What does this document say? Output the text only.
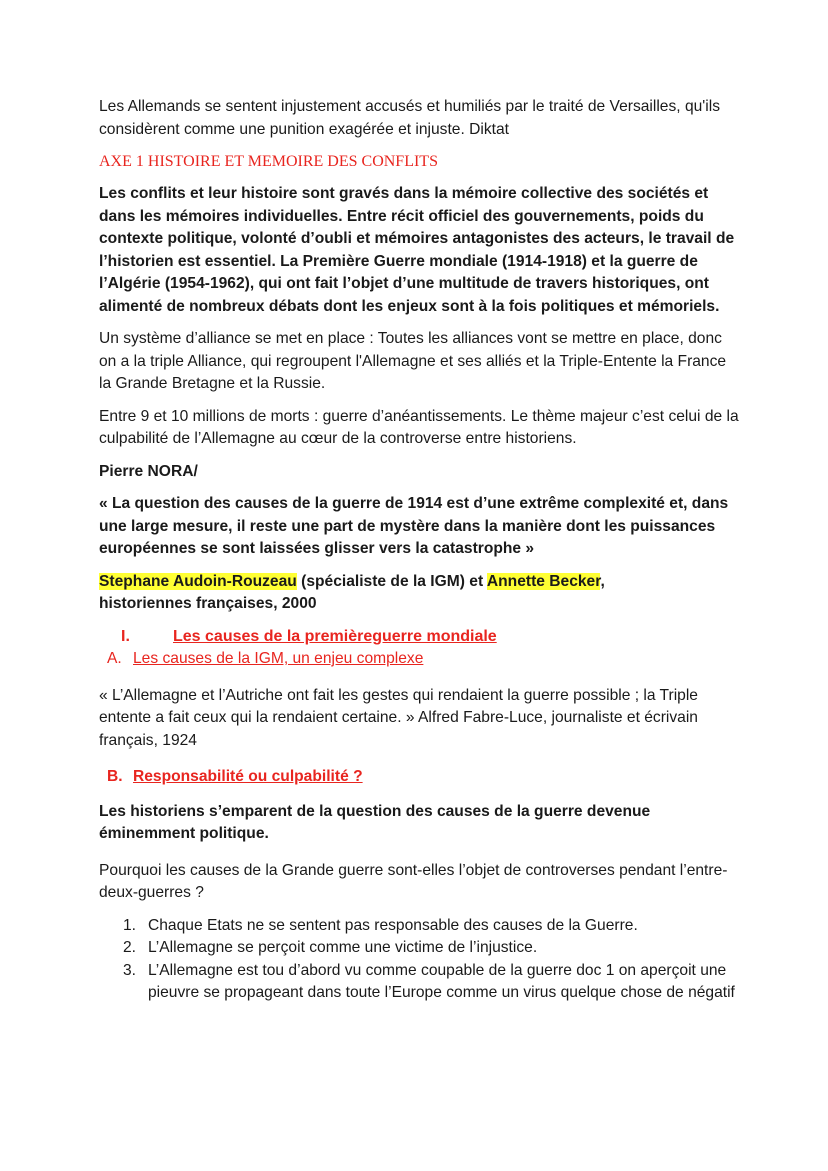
Les Allemands se sentent injustement accusés et humiliés par le traité de Versailles, qu'ils considèrent comme une punition exagérée et injuste. Diktat

AXE 1 HISTOIRE ET MEMOIRE DES CONFLITS

Les conflits et leur histoire sont gravés dans la mémoire collective des sociétés et dans les mémoires individuelles. Entre récit officiel des gouvernements, poids du contexte politique, volonté d’oubli et mémoires antagonistes des acteurs, le travail de l’historien est essentiel. La Première Guerre mondiale (1914-1918) et la guerre de l’Algérie (1954-1962), qui ont fait l’objet d’une multitude de travers historiques, ont alimenté de nombreux débats dont les enjeux sont à la fois politiques et mémoriels.

Un système d’alliance se met en place : Toutes les alliances vont se mettre en place, donc on a la triple Alliance, qui regroupent l'Allemagne et ses alliés et la Triple-Entente la France la Grande Bretagne et la Russie.

Entre 9 et 10 millions de morts : guerre d’anéantissements. Le thème majeur c’est celui de la culpabilité de l’Allemagne au cœur de la controverse entre historiens.

Pierre NORA/

« La question des causes de la guerre de 1914 est d’une extrême complexité et, dans une large mesure, il reste une part de mystère dans la manière dont les puissances européennes se sont laissées glisser vers la catastrophe »

Stephane Audoin-Rouzeau (spécialiste de la IGM) et Annette Becker,
historiennes françaises, 2000

I.	Les causes de la premièreguerre mondiale
A. Les causes de la IGM, un enjeu complexe

« L’Allemagne et l’Autriche ont fait les gestes qui rendaient la guerre possible ; la Triple entente a fait ceux qui la rendaient certaine. » Alfred Fabre-Luce, journaliste et écrivain français, 1924

B. Responsabilité ou culpabilité ?

Les historiens s’emparent de la question des causes de la guerre devenue éminemment politique.

Pourquoi les causes de la Grande guerre sont-elles l’objet de controverses pendant l’entre-deux-guerres ?

1. Chaque Etats ne se sentent pas responsable des causes de la Guerre.
2. L’Allemagne se perçoit comme une victime de l’injustice.
3. L’Allemagne est tou d’abord vu comme coupable de la guerre doc 1 on aperçoit une pieuvre se propageant dans toute l’Europe comme un virus quelque chose de négatif
